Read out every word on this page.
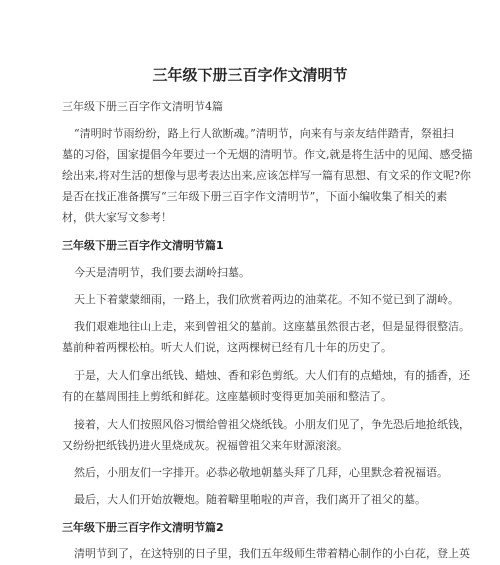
三年级下册三百字作文清明节
三年级下册三百字作文清明节4篇
“清明时节雨纷纷，路上行人欲断魂。”清明节，向来有与亲友结伴踏青，祭祖扫
墓的习俗，国家提倡今年要过一个无烟的清明节。作文,就是将生活中的见闻、感受描
绘出来,将对生活的想像与思考表达出来,应该怎样写一篇有思想、有文采的作文呢?你
是否在找正准备撰写“三年级下册三百字作文清明节”，下面小编收集了相关的素
材，供大家写文参考！
三年级下册三百字作文清明节篇1
今天是清明节，我们要去湖岭扫墓。
天上下着蒙蒙细雨，一路上，我们欣赏着两边的油菜花。不知不觉已到了湖岭。
我们艰难地往山上走，来到曾祖父的墓前。这座墓虽然很古老，但是显得很整洁。
墓前种着两棵松柏。听大人们说，这两棵树已经有几十年的历史了。
于是，大人们拿出纸钱、蜡烛、香和彩色剪纸。大人们有的点蜡烛，有的插香，还
有的在墓周围挂上剪纸和鲜花。这座墓顿时变得更加美丽和整洁了。
接着，大人们按照风俗习惯给曾祖父烧纸钱。小朋友们见了，争先恐后地抢纸钱，
又纷纷把纸钱扔进火里烧成灰。祝福曾祖父来年财源滚滚。
然后，小朋友们一字排开。必恭必敬地朝墓头拜了几拜，心里默念着祝福语。
最后，大人们开始放鞭炮。随着噼里啪啦的声音，我们离开了祖父的墓。
三年级下册三百字作文清明节篇2
清明节到了，在这特别的日子里，我们五年级师生带着精心制作的小白花，登上英
